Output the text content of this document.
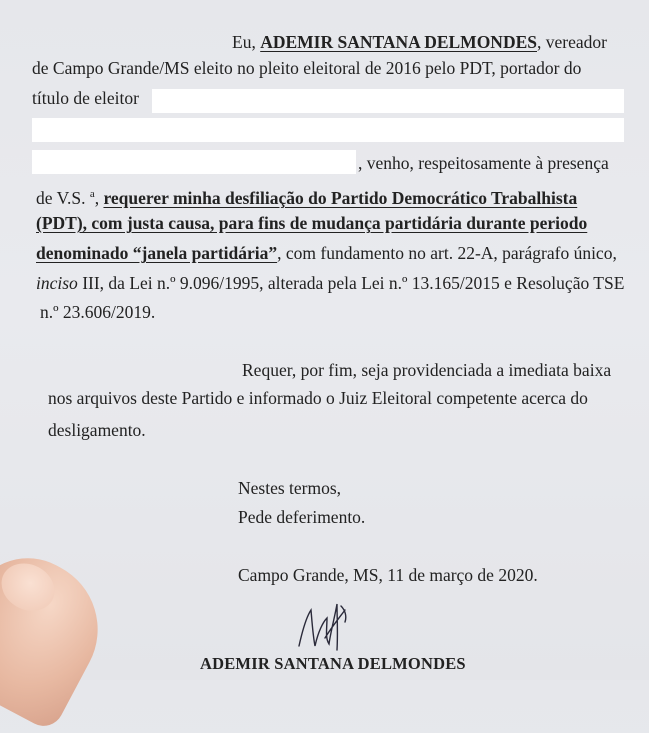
Eu, ADEMIR SANTANA DELMONDES, vereador
de Campo Grande/MS eleito no pleito eleitoral de 2016 pelo PDT, portador do
título de eleitor
, venho, respeitosamente à presença
de V.S. $^a$, requerer minha desfiliação do Partido Democrático Trabalhista
(PDT), com justa causa, para fins de mudança partidária durante periodo
denominado “janela partidária”, com fundamento no art. 22-A, parágrafo único,
inciso III, da Lei n.º 9.096/1995, alterada pela Lei n.º 13.165/2015 e Resolução TSE
n.º 23.606/2019.
Requer, por fim, seja providenciada a imediata baixa
nos arquivos deste Partido e informado o Juiz Eleitoral competente acerca do
desligamento.
Nestes termos,
Pede deferimento.
Campo Grande, MS, 11 de março de 2020.
ADEMIR SANTANA DELMONDES
